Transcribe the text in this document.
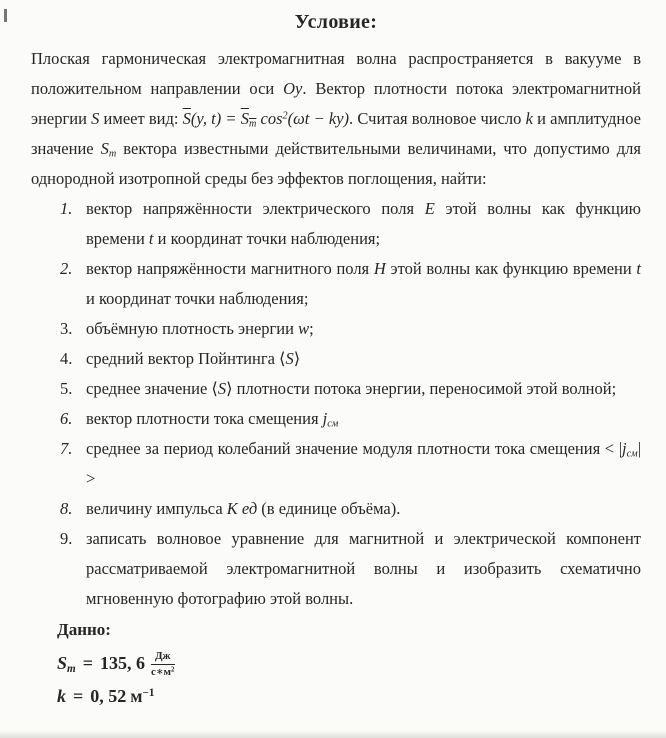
Условие:

Плоская гармоническая электромагнитная волна распространяется в вакууме в положительном направлении оси Oy. Вектор плотности потока электромагнитной энергии S имеет вид: $\overline{S}(y$, $t) = S_m$ $\cos^2(\omega t - ky)$. Считая волновое число k и амплитудное значение $S_m$ вектора известными действительными величинами, что допустимо для однородной изотропной среды без эффектов поглощения, найти:

1. вектор напряжённости электрического поля E этой волны как функцию времени t и координат точки наблюдения;
2. вектор напряжённости магнитного поля H этой волны как функцию времени t и координат точки наблюдения;
3. объёмную плотность энергии w;
4. средний вектор Пойнтинга ⟨S⟩
5. среднее значение ⟨S⟩ плотности потока энергии, переносимой этой волной;
6. вектор плотности тока смещения $j_{см}$
7. среднее за период колебаний значение модуля плотности тока смещения < $|j_{см}|$ >
8. величину импульса K ед (в единице объёма).
9. записать волновое уравнение для магнитной и электрической компонент рассматриваемой электромагнитной волны и изобразить схематично мгновенную фотографию этой волны.
Данно:
$S_m = 135$, $6 \frac{Дж}{с∗м^2}$
k = 0, 52 $м^{-1}$
